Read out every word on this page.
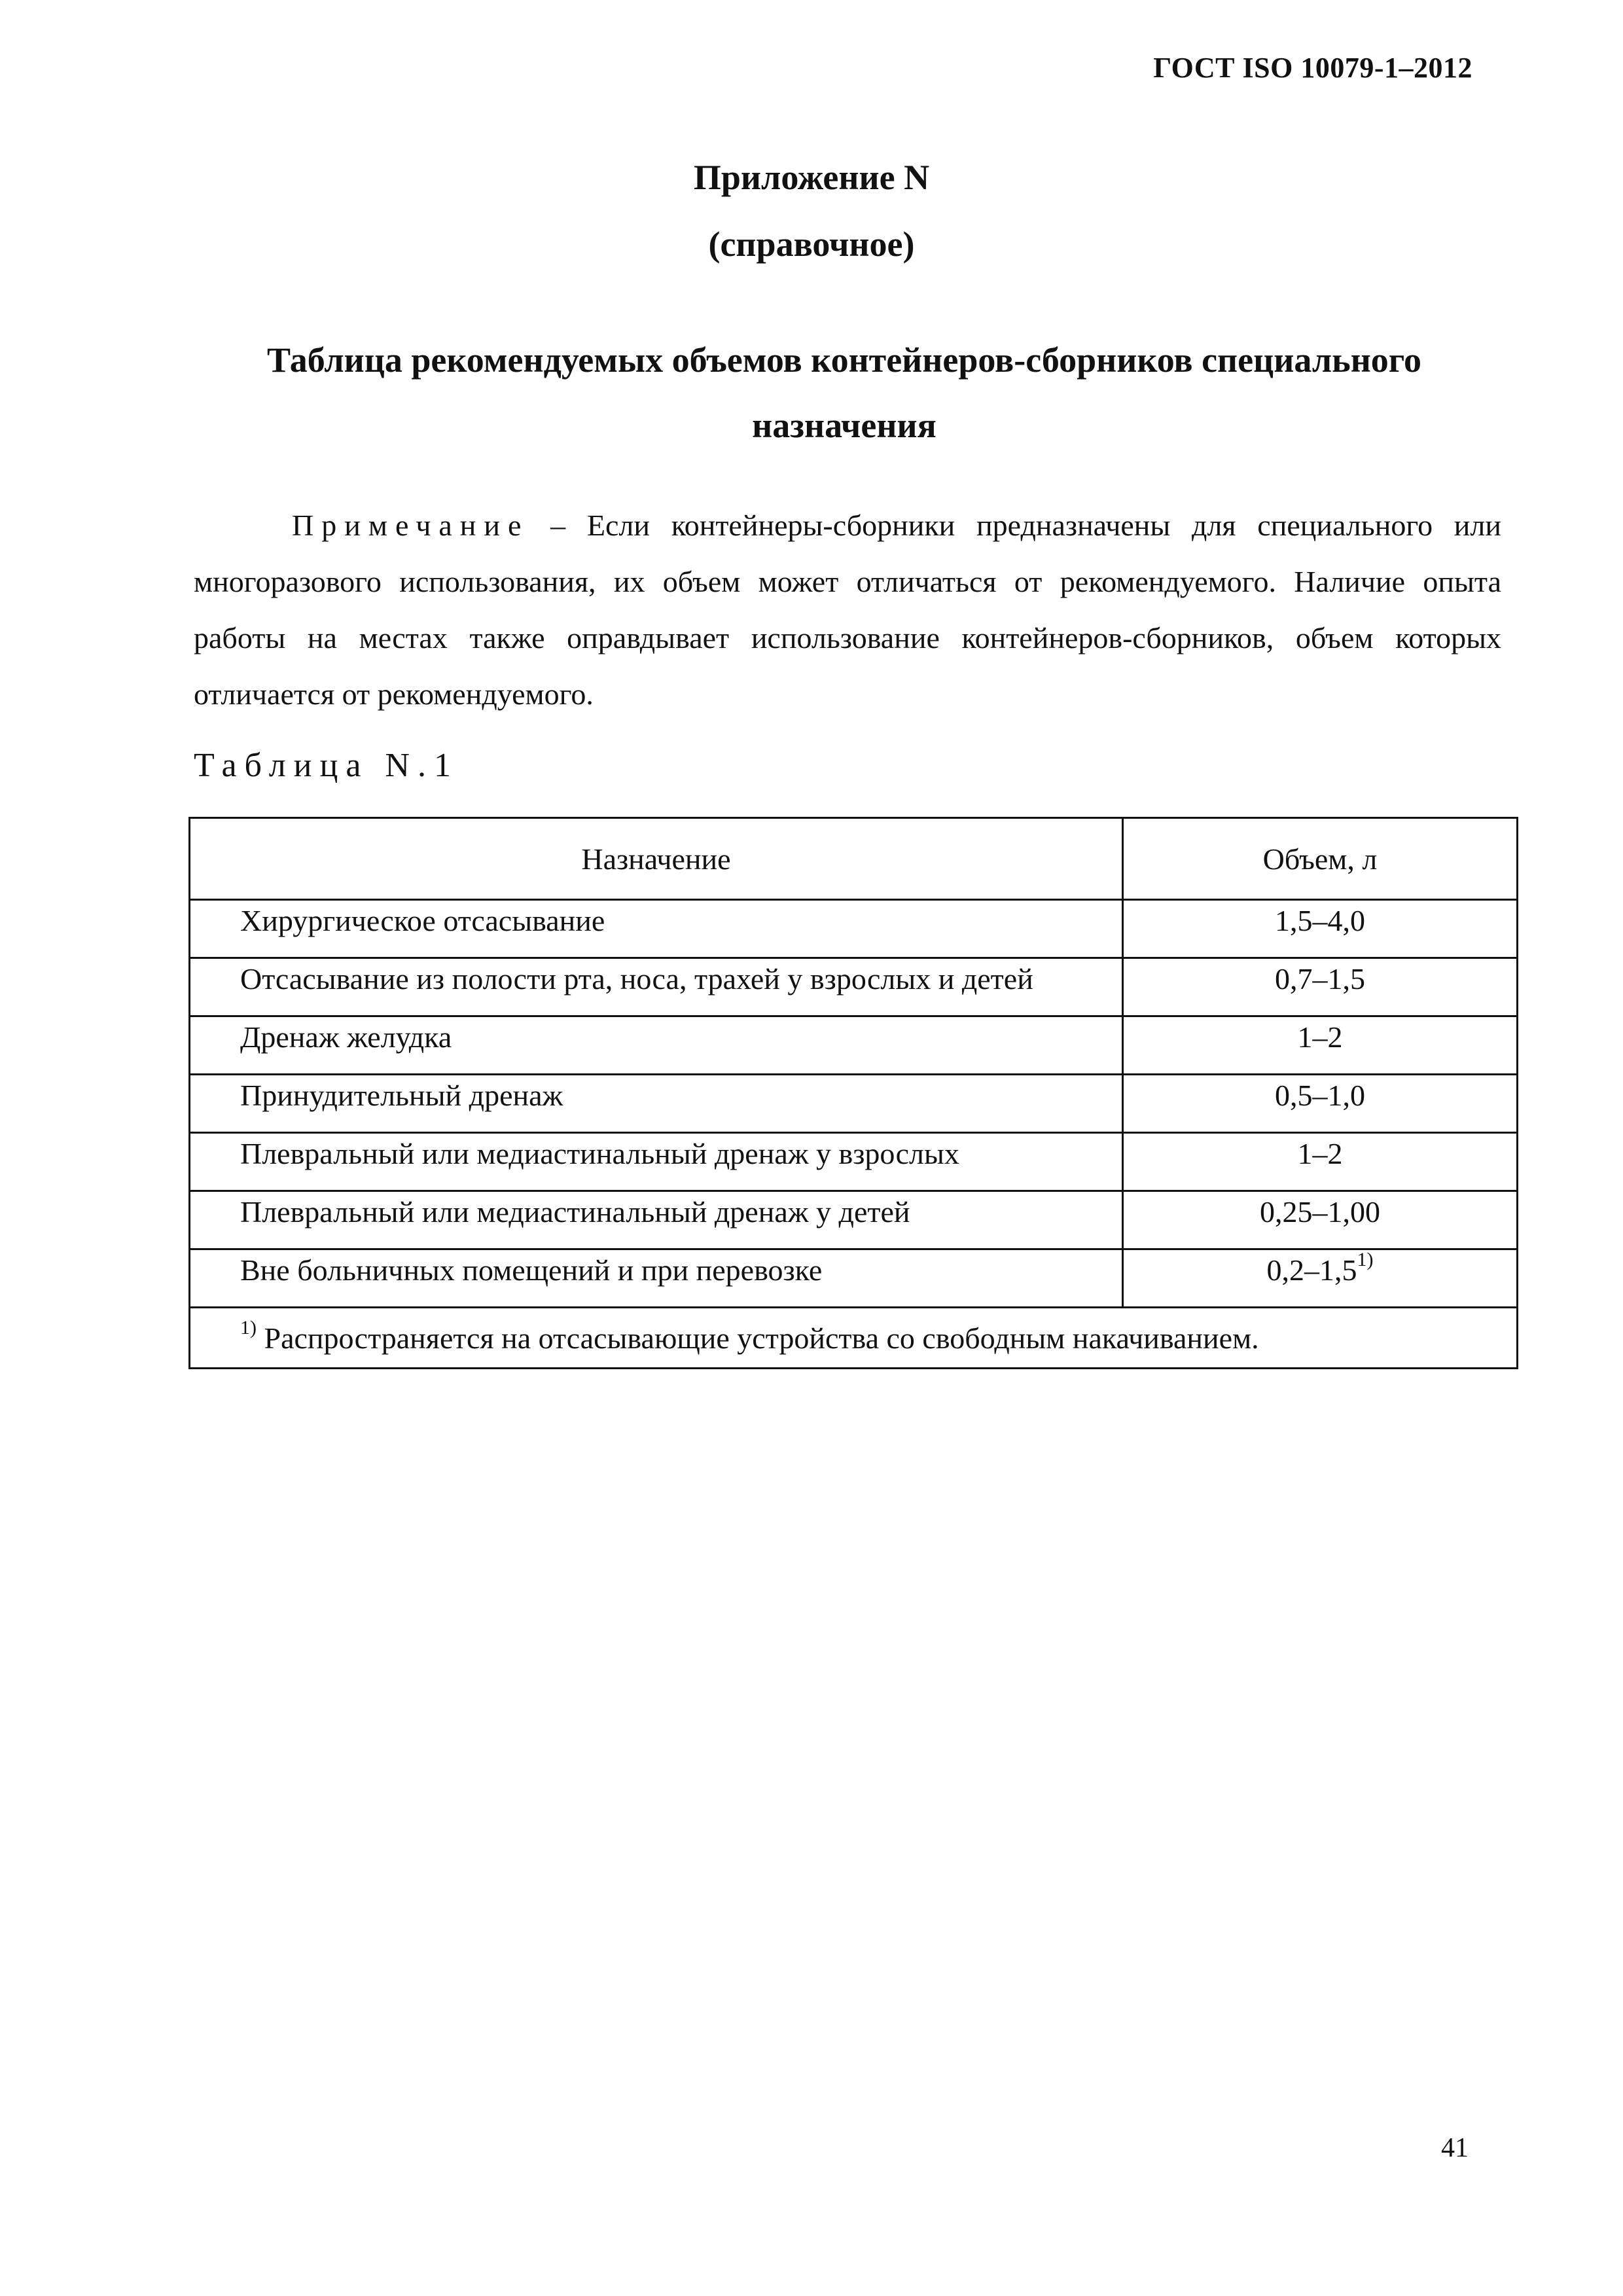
ГОСТ ISO 10079-1–2012
Приложение N
(справочное)
Таблица рекомендуемых объемов контейнеров-сборников специального назначения
Примечание – Если контейнеры-сборники предназначены для специального или многоразового использования, их объем может отличаться от рекомендуемого. Наличие опыта работы на местах также оправдывает использование контейнеров-сборников, объем которых отличается от рекомендуемого.
Таблица N.1
Назначение	Объем, л
Хирургическое отсасывание	1,5–4,0
Отсасывание из полости рта, носа, трахей у взрослых и детей	0,7–1,5
Дренаж желудка	1–2
Принудительный дренаж	0,5–1,0
Плевральный или медиастинальный дренаж у взрослых	1–2
Плевральный или медиастинальный дренаж у детей	0,25–1,00
Вне больничных помещений и при перевозке	0,2–1,5$^{1)}$
$^{1)}$ Распространяется на отсасывающие устройства со свободным накачиванием.	
41
